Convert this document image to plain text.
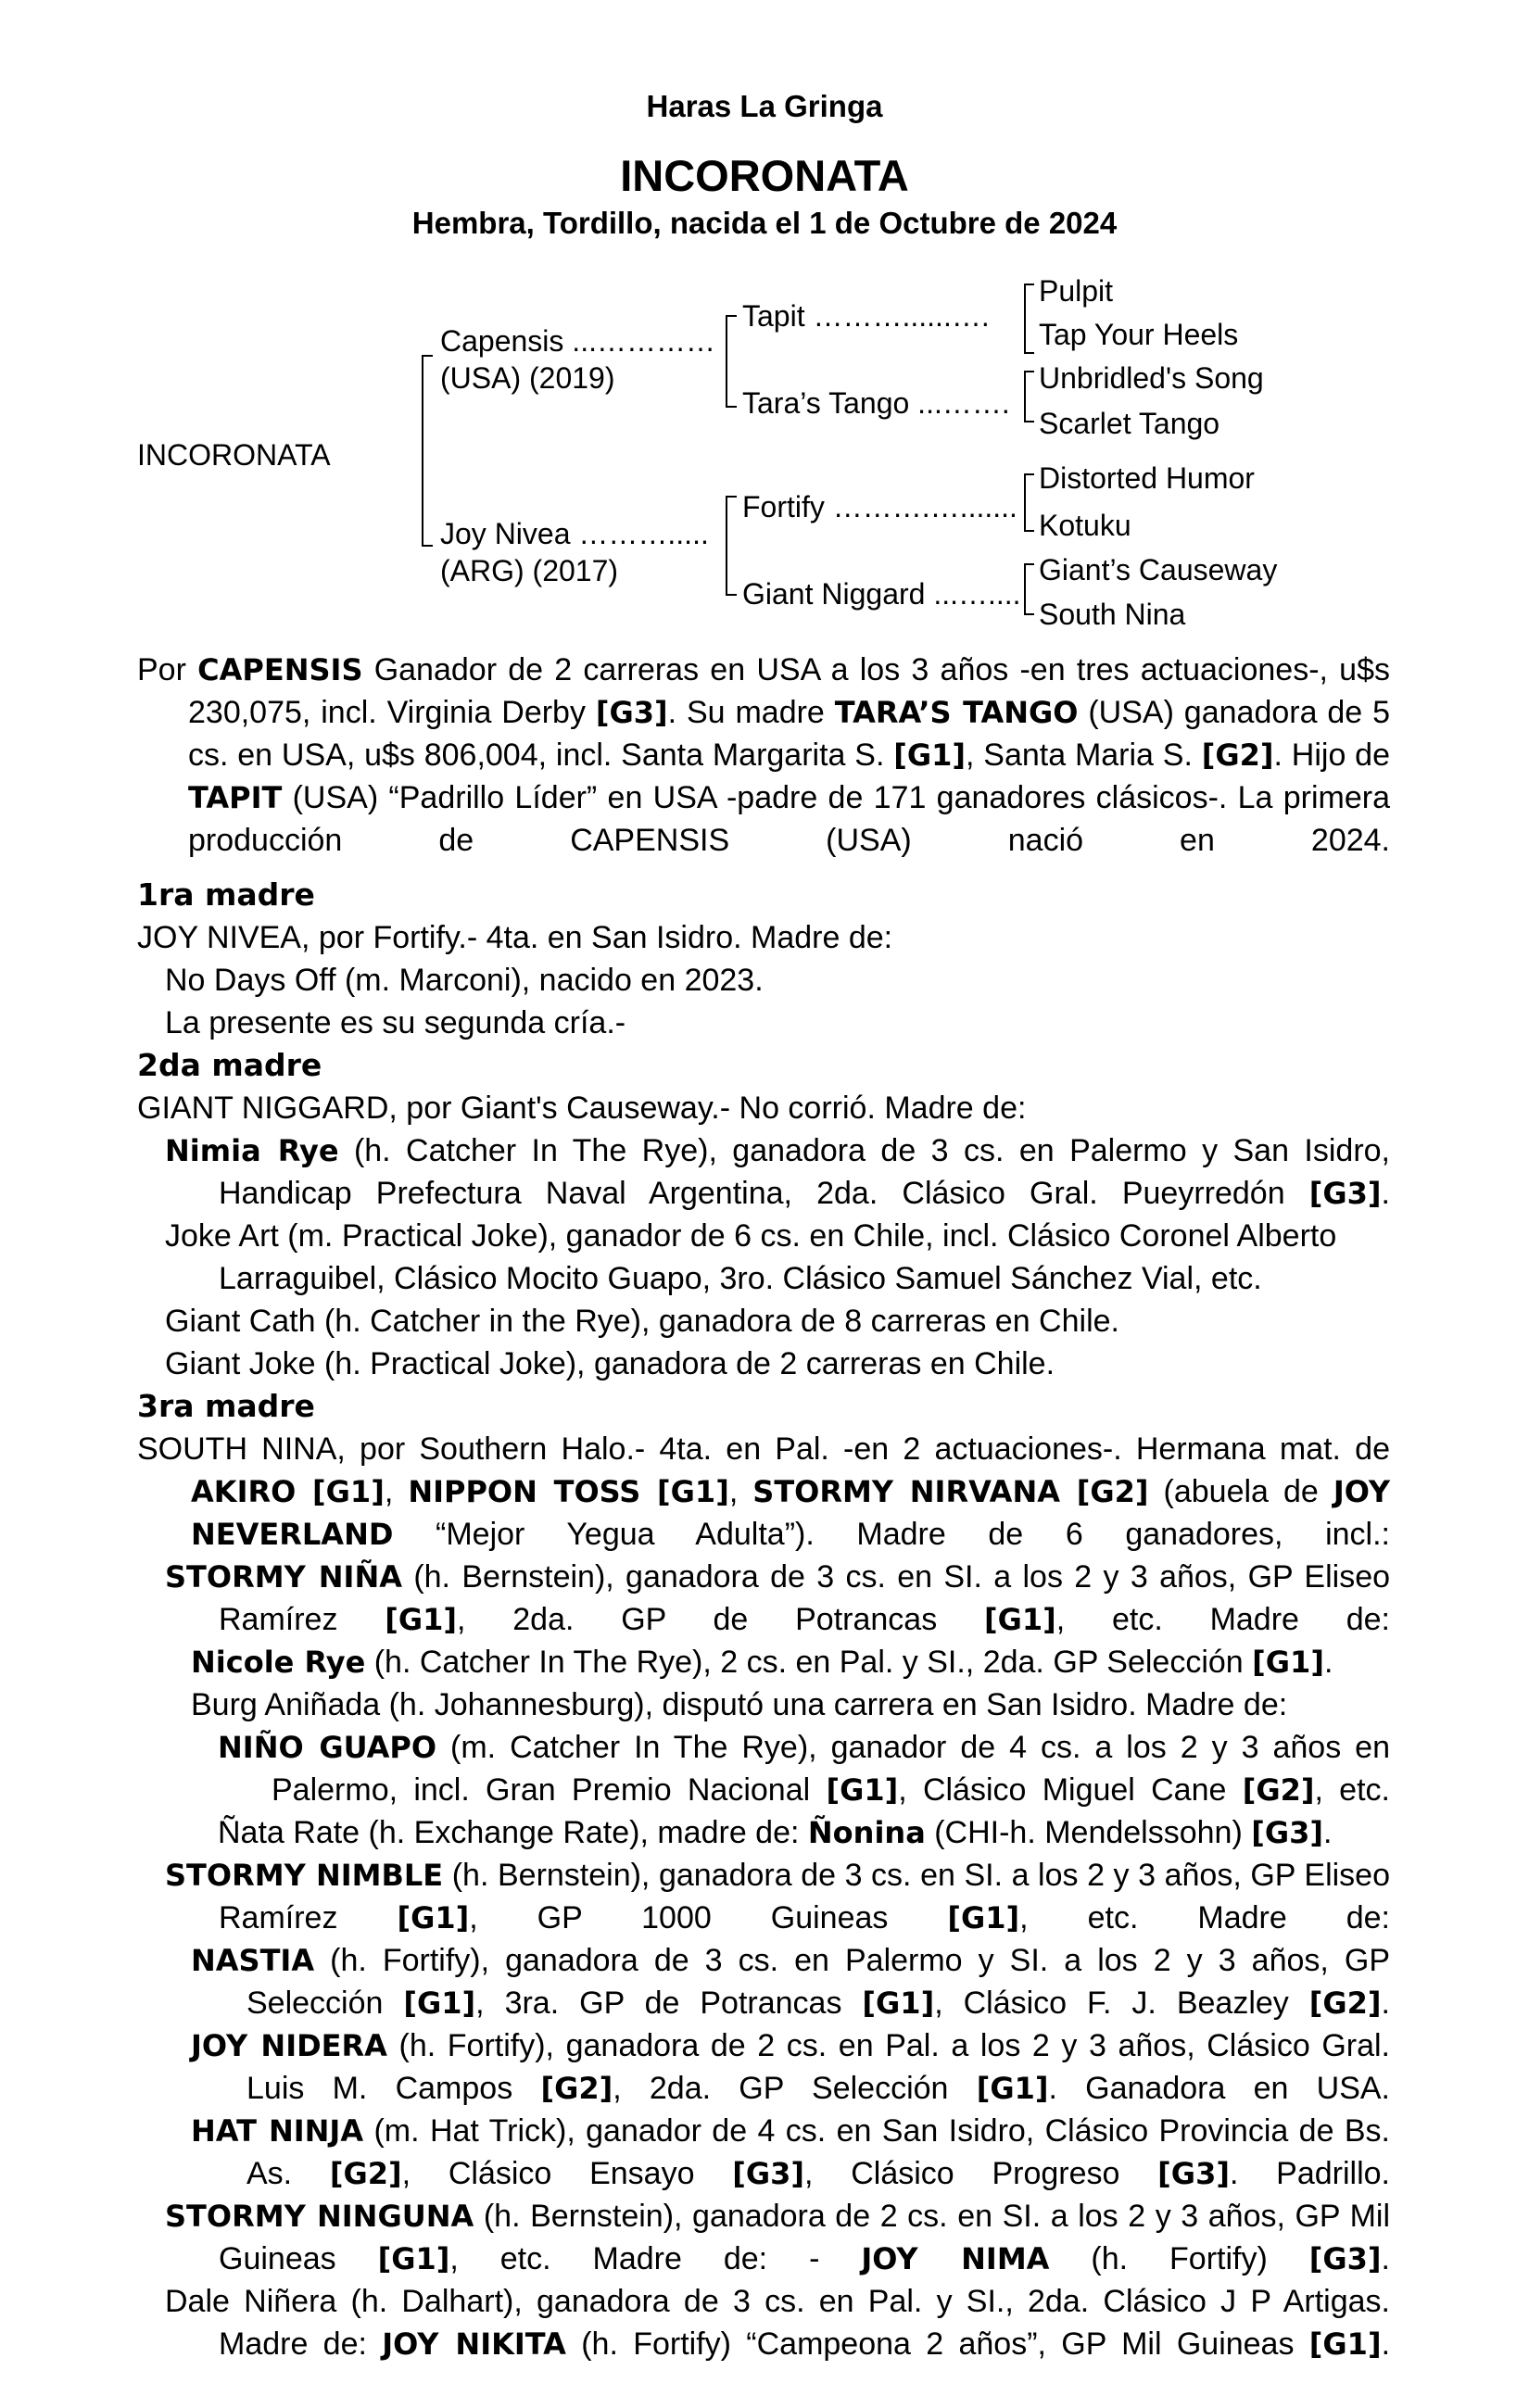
Haras La Gringa
INCORONATA
Hembra, Tordillo, nacida el 1 de Octubre de 2024
INCORONATA
Capensis ...…………
(USA) (2019)
Joy Nivea ……….....
(ARG) (2017)
Tapit ………......….
Tara’s Tango ...…….
Fortify ……….….......
Giant Niggard ...…....
Pulpit
Tap Your Heels
Unbridled's Song
Scarlet Tango
Distorted Humor
Kotuku
Giant’s Causeway
South Nina

Por CAPENSIS Ganador de 2 carreras en USA a los 3 años -en tres actuaciones-, u$s 230,075, incl. Virginia Derby [G3]. Su madre TARA’S TANGO (USA) ganadora de 5 cs. en USA, u$s 806,004, incl. Santa Margarita S. [G1], Santa Maria S. [G2]. Hijo de TAPIT (USA) “Padrillo Líder” en USA -padre de 171 ganadores clásicos-. La primera producción de CAPENSIS (USA) nació en 2024.

1ra madre

JOY NIVEA, por Fortify.- 4ta. en San Isidro. Madre de:

No Days Off (m. Marconi), nacido en 2023.

La presente es su segunda cría.-

2da madre

GIANT NIGGARD, por Giant's Causeway.- No corrió. Madre de:

Nimia Rye (h. Catcher In The Rye), ganadora de 3 cs. en Palermo y San Isidro, Handicap Prefectura Naval Argentina, 2da. Clásico Gral. Pueyrredón [G3].

Joke Art (m. Practical Joke), ganador de 6 cs. en Chile, incl. Clásico Coronel Alberto Larraguibel, Clásico Mocito Guapo, 3ro. Clásico Samuel Sánchez Vial, etc.

Giant Cath (h. Catcher in the Rye), ganadora de 8 carreras en Chile.

Giant Joke (h. Practical Joke), ganadora de 2 carreras en Chile.

3ra madre

SOUTH NINA, por Southern Halo.- 4ta. en Pal. -en 2 actuaciones-. Hermana mat. de AKIRO [G1], NIPPON TOSS [G1], STORMY NIRVANA [G2] (abuela de JOY NEVERLAND “Mejor Yegua Adulta”). Madre de 6 ganadores, incl.:

STORMY NIÑA (h. Bernstein), ganadora de 3 cs. en SI. a los 2 y 3 años, GP Eliseo Ramírez [G1], 2da. GP de Potrancas [G1], etc. Madre de:

Nicole Rye (h. Catcher In The Rye), 2 cs. en Pal. y SI., 2da. GP Selección [G1].

Burg Aniñada (h. Johannesburg), disputó una carrera en San Isidro. Madre de:

NIÑO GUAPO (m. Catcher In The Rye), ganador de 4 cs. a los 2 y 3 años en Palermo, incl. Gran Premio Nacional [G1], Clásico Miguel Cane [G2], etc.

Ñata Rate (h. Exchange Rate), madre de: Ñonina (CHI-h. Mendelssohn) [G3].

STORMY NIMBLE (h. Bernstein), ganadora de 3 cs. en SI. a los 2 y 3 años, GP Eliseo Ramírez [G1], GP 1000 Guineas [G1], etc. Madre de:

NASTIA (h. Fortify), ganadora de 3 cs. en Palermo y SI. a los 2 y 3 años, GP Selección [G1], 3ra. GP de Potrancas [G1], Clásico F. J. Beazley [G2].

JOY NIDERA (h. Fortify), ganadora de 2 cs. en Pal. a los 2 y 3 años, Clásico Gral. Luis M. Campos [G2], 2da. GP Selección [G1]. Ganadora en USA.

HAT NINJA (m. Hat Trick), ganador de 4 cs. en San Isidro, Clásico Provincia de Bs. As. [G2], Clásico Ensayo [G3], Clásico Progreso [G3]. Padrillo.

STORMY NINGUNA (h. Bernstein), ganadora de 2 cs. en SI. a los 2 y 3 años, GP Mil Guineas [G1], etc. Madre de: - JOY NIMA (h. Fortify) [G3].

Dale Niñera (h. Dalhart), ganadora de 3 cs. en Pal. y SI., 2da. Clásico J P Artigas. Madre de: JOY NIKITA (h. Fortify) “Campeona 2 años”, GP Mil Guineas [G1].
